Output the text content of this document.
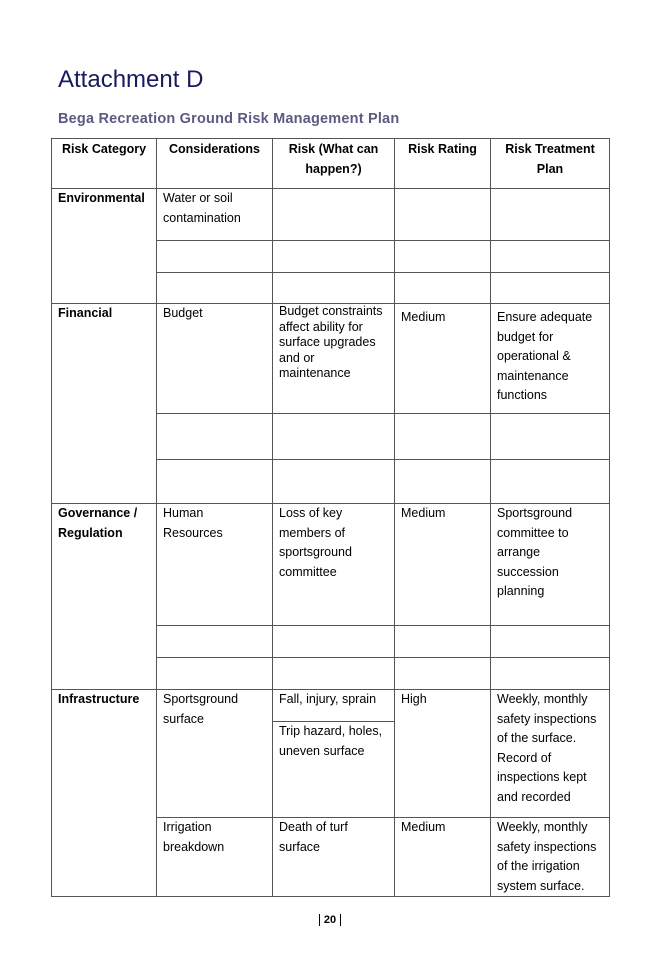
Attachment D
Bega Recreation Ground Risk Management Plan
Risk Category	Considerations	Risk (What can happen?)	Risk Rating	Risk Treatment Plan
Environmental	Water or soil contamination			

Financial	Budget	Budget constraints affect ability for surface upgrades and or maintenance	Medium	Ensure adequate budget for operational & maintenance functions

Governance / Regulation	Human Resources	Loss of key members of sportsground committee	Medium	Sportsground committee to arrange succession planning

Infrastructure	Sportsground surface	Fall, injury, sprain	High	Weekly, monthly safety inspections of the surface. Record of inspections kept and recorded
		Trip hazard, holes, uneven surface		
	Irrigation breakdown	Death of turf surface	Medium	Weekly, monthly safety inspections of the irrigation system surface.
20
